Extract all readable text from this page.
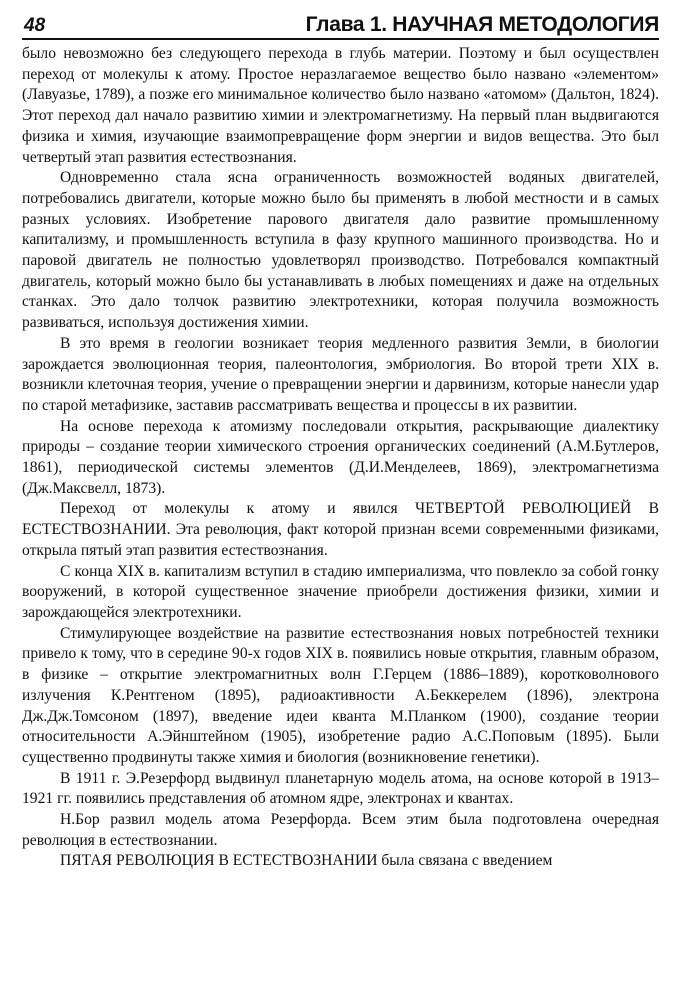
48	Глава 1. НАУЧНАЯ МЕТОДОЛОГИЯ

было невозможно без следующего перехода в глубь материи. Поэтому и был осуществлен переход от молекулы к атому. Простое неразлагаемое вещество было названо «элементом» (Лавуазье, 1789), а позже его минимальное количество было названо «атомом» (Дальтон, 1824). Этот переход дал начало развитию химии и электромагнетизму. На первый план выдвигаются физика и химия, изучающие взаимопревращение форм энергии и видов вещества. Это был четвертый этап развития естествознания.

Одновременно стала ясна ограниченность возможностей водяных двигателей, потребовались двигатели, которые можно было бы применять в любой местности и в самых разных условиях. Изобретение парового двигателя дало развитие промышленному капитализму, и промышленность вступила в фазу крупного машинного производства. Но и паровой двигатель не полностью удовлетворял производство. Потребовался компактный двигатель, который можно было бы устанавливать в любых помещениях и даже на отдельных станках. Это дало толчок развитию электротехники, которая получила возможность развиваться, используя достижения химии.

В это время в геологии возникает теория медленного развития Земли, в биологии зарождается эволюционная теория, палеонтология, эмбриология. Во второй трети XIX в. возникли клеточная теория, учение о превращении энергии и дарвинизм, которые нанесли удар по старой метафизике, заставив рассматривать вещества и процессы в их развитии.

На основе перехода к атомизму последовали открытия, раскрывающие диалектику природы – создание теории химического строения органических соединений (А.М.Бутлеров, 1861), периодической системы элементов (Д.И.Менделеев, 1869), электромагнетизма (Дж.Максвелл, 1873).

Переход от молекулы к атому и явился ЧЕТВЕРТОЙ РЕВОЛЮЦИЕЙ В ЕСТЕСТВОЗНАНИИ. Эта революция, факт которой признан всеми современными физиками, открыла пятый этап развития естествознания.

С конца XIX в. капитализм вступил в стадию империализма, что повлекло за собой гонку вооружений, в которой существенное значение приобрели достижения физики, химии и зарождающейся электротехники.

Стимулирующее воздействие на развитие естествознания новых потребностей техники привело к тому, что в середине 90-х годов XIX в. появились новые открытия, главным образом, в физике – открытие электромагнитных волн Г.Герцем (1886–1889), коротковолнового излучения К.Рентгеном (1895), радиоактивности А.Беккерелем (1896), электрона Дж.Дж.Томсоном (1897), введение идеи кванта М.Планком (1900), создание теории относительности А.Эйнштейном (1905), изобретение радио А.С.Поповым (1895). Были существенно продвинуты также химия и биология (возникновение генетики).

В 1911 г. Э.Резерфорд выдвинул планетарную модель атома, на основе которой в 1913–1921 гг. появились представления об атомном ядре, электронах и квантах.

Н.Бор развил модель атома Резерфорда. Всем этим была подготовлена очередная революция в естествознании.

ПЯТАЯ РЕВОЛЮЦИЯ В ЕСТЕСТВОЗНАНИИ была связана с введением
